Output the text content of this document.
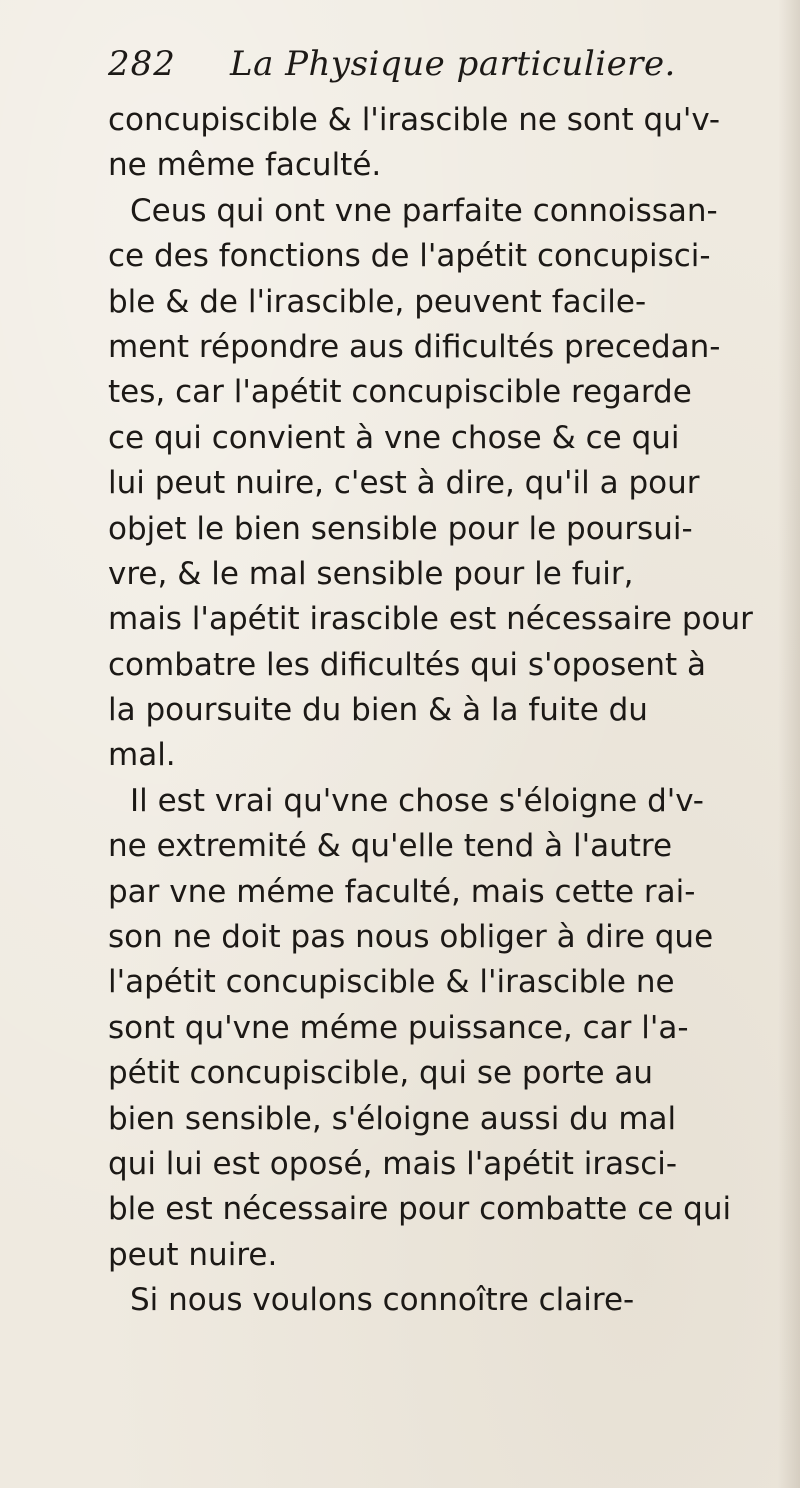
282 La Physique particuliere.
concupiscible & l'irascible ne sont qu'v-
ne même faculté.
Ceus qui ont vne parfaite connoissan-
ce des fonctions de l'apétit concupisci-
ble & de l'irascible, peuvent facile-
ment répondre aus dificultés precedan-
tes, car l'apétit concupiscible regarde
ce qui convient à vne chose & ce qui
lui peut nuire, c'est à dire, qu'il a pour
objet le bien sensible pour le poursui-
vre, & le mal sensible pour le fuir,
mais l'apétit irascible est nécessaire pour
combatre les dificultés qui s'oposent à
la poursuite du bien & à la fuite du
mal.
Il est vrai qu'vne chose s'éloigne d'v-
ne extremité & qu'elle tend à l'autre
par vne méme faculté, mais cette rai-
son ne doit pas nous obliger à dire que
l'apétit concupiscible & l'irascible ne
sont qu'vne méme puissance, car l'a-
pétit concupiscible, qui se porte au
bien sensible, s'éloigne aussi du mal
qui lui est oposé, mais l'apétit irasci-
ble est nécessaire pour combatte ce qui
peut nuire.
Si nous voulons connoître claire-
